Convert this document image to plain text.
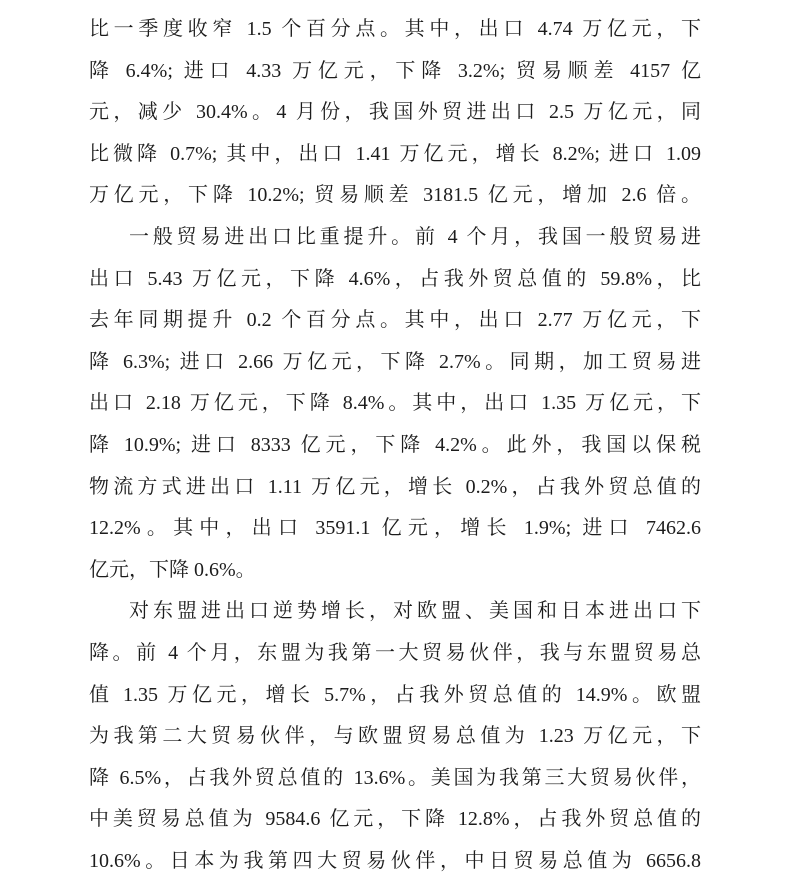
比一季度收窄 1.5 个百分点。其中，出口 4.74 万亿元，下
降 6.4%; 进口 4.33 万亿元，下降 3.2%; 贸易顺差 4157 亿
元，减少 30.4%。4 月份，我国外贸进出口 2.5 万亿元，同
比微降 0.7%; 其中，出口 1.41 万亿元，增长 8.2%; 进口 1.09
万亿元，下降 10.2%; 贸易顺差 3181.5 亿元，增加 2.6 倍。
一般贸易进出口比重提升。前 4 个月，我国一般贸易进
出口 5.43 万亿元，下降 4.6%，占我外贸总值的 59.8%，比
去年同期提升 0.2 个百分点。其中，出口 2.77 万亿元，下
降 6.3%; 进口 2.66 万亿元，下降 2.7%。同期，加工贸易进
出口 2.18 万亿元，下降 8.4%。其中，出口 1.35 万亿元，下
降 10.9%; 进口 8333 亿元，下降 4.2%。此外，我国以保税
物流方式进出口 1.11 万亿元，增长 0.2%，占我外贸总值的
12.2%。其中，出口 3591.1 亿元，增长 1.9%; 进口 7462.6
亿元，下降 0.6%。
对东盟进出口逆势增长，对欧盟、美国和日本进出口下
降。前 4 个月，东盟为我第一大贸易伙伴，我与东盟贸易总
值 1.35 万亿元，增长 5.7%，占我外贸总值的 14.9%。欧盟
为我第二大贸易伙伴，与欧盟贸易总值为 1.23 万亿元，下
降 6.5%，占我外贸总值的 13.6%。美国为我第三大贸易伙伴，
中美贸易总值为 9584.6 亿元，下降 12.8%，占我外贸总值的
10.6%。日本为我第四大贸易伙伴，中日贸易总值为 6656.8
